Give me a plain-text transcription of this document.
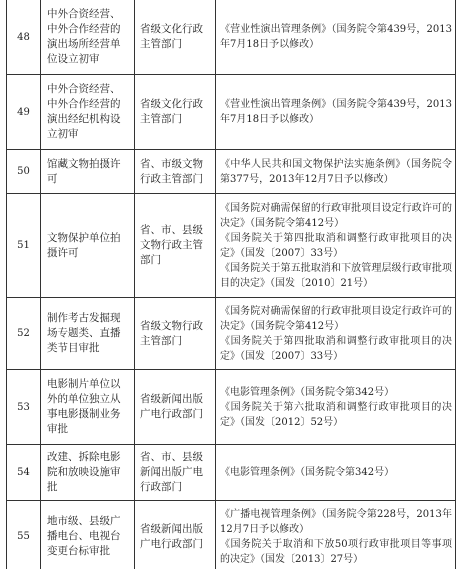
48	中外合资经营、中外合作经营的演出场所经营单位设立初审	省级文化行政主管部门	《营业性演出管理条例》（国务院令第439号，2013年7月18日予以修改）

49	中外合资经营、中外合作经营的演出经纪机构设立初审	省级文化行政主管部门	《营业性演出管理条例》（国务院令第439号，2013年7月18日予以修改）

50	馆藏文物拍摄许可	省、市级文物行政主管部门	《中华人民共和国文物保护法实施条例》（国务院令第377号，2013年12月7日予以修改）

51	文物保护单位拍摄许可	省、市、县级文物行政主管部门	《国务院对确需保留的行政审批项目设定行政许可的决定》（国务院令第412号）

《国务院关于第四批取消和调整行政审批项目的决定》（国发〔2007〕33号）

《国务院关于第五批取消和下放管理层级行政审批项目的决定》（国发〔2010〕21号）

52	制作考古发掘现场专题类、直播类节目审批	省级文物行政主管部门	《国务院对确需保留的行政审批项目设定行政许可的决定》（国务院令第412号）

《国务院关于第四批取消和调整行政审批项目的决定》（国发〔2007〕33号）

53	电影制片单位以外的单位独立从事电影摄制业务审批	省级新闻出版广电行政部门	《电影管理条例》（国务院令第342号）

《国务院关于第六批取消和调整行政审批项目的决定》（国发〔2012〕52号）

54	改建、拆除电影院和放映设施审批	省、市、县级新闻出版广电行政部门	《电影管理条例》（国务院令第342号）

55	地市级、县级广播电台、电视台变更台标审批	省级新闻出版广电行政部门	《广播电视管理条例》（国务院令第228号，2013年12月7日予以修改）

《国务院关于取消和下放50项行政审批项目等事项的决定》（国发〔2013〕27号）
